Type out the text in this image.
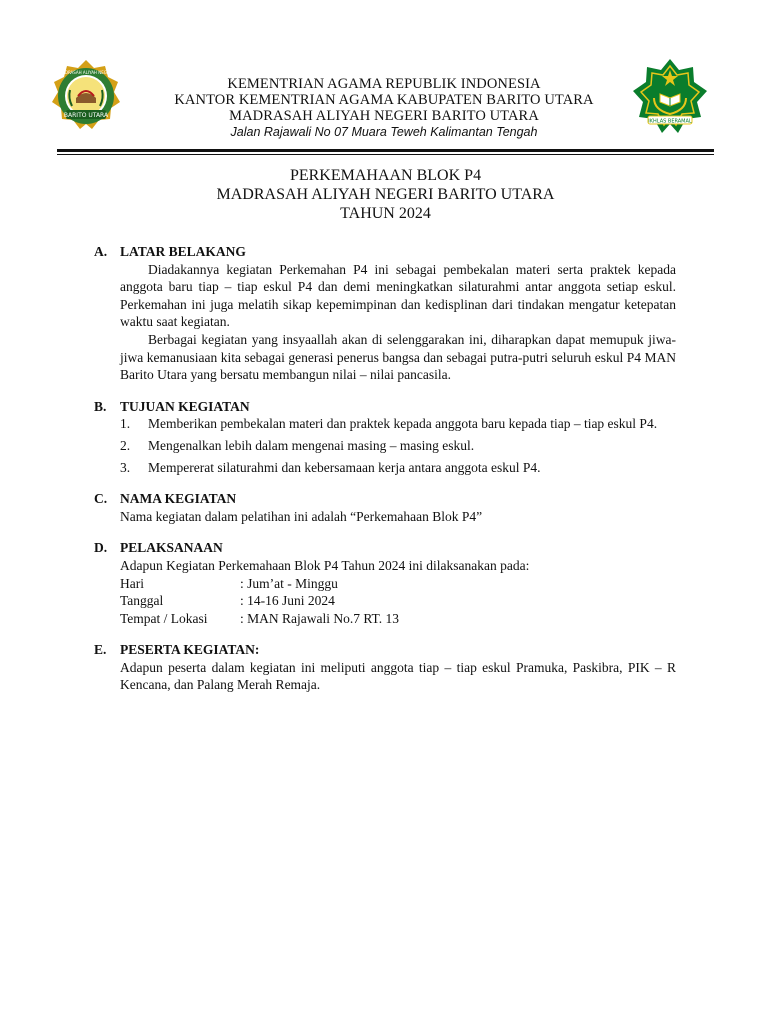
BARITO UTARA
MADRASAH ALIYAH NEGERI
IKHLAS BERAMAL
KEMENTRIAN AGAMA REPUBLIK INDONESIA
KANTOR KEMENTRIAN AGAMA KABUPATEN BARITO UTARA
MADRASAH ALIYAH NEGERI BARITO UTARA
Jalan Rajawali No 07 Muara Teweh Kalimantan Tengah
PERKEMAHAAN BLOK P4
MADRASAH ALIYAH NEGERI BARITO UTARA
TAHUN 2024
A. LATAR BELAKANG

Diadakannya kegiatan Perkemahan P4 ini sebagai pembekalan materi serta praktek kepada anggota baru tiap – tiap eskul P4 dan demi meningkatkan silaturahmi antar anggota setiap eskul. Perkemahan ini juga melatih sikap kepemimpinan dan kedisplinan dari tindakan mengatur ketepatan waktu saat kegiatan.

Berbagai kegiatan yang insyaallah akan di selenggarakan ini, diharapkan dapat memupuk jiwa-jiwa kemanusiaan kita sebagai generasi penerus bangsa dan sebagai putra-putri seluruh eskul P4 MAN Barito Utara yang bersatu membangun nilai – nilai pancasila.

B.	TUJUAN KEGIATAN
1.	Memberikan pembekalan materi dan praktek kepada anggota baru kepada tiap – tiap eskul P4.
2.	Mengenalkan lebih dalam mengenai masing – masing eskul.
3.	Mempererat silaturahmi dan kebersamaan kerja antara anggota eskul P4.
C. NAMA KEGIATAN

Nama kegiatan dalam pelatihan ini adalah “Perkemahaan Blok P4”

D. PELAKSANAAN

Adapun Kegiatan Perkemahaan Blok P4 Tahun 2024 ini dilaksanakan pada:

Hari	: Jum’at - Minggu
Tanggal	: 14-16 Juni 2024
Tempat / Lokasi	: MAN Rajawali No.7 RT. 13
E.	PESERTA KEGIATAN:

Adapun peserta dalam kegiatan ini meliputi anggota tiap – tiap eskul Pramuka, Paskibra, PIK – R Kencana, dan Palang Merah Remaja.
